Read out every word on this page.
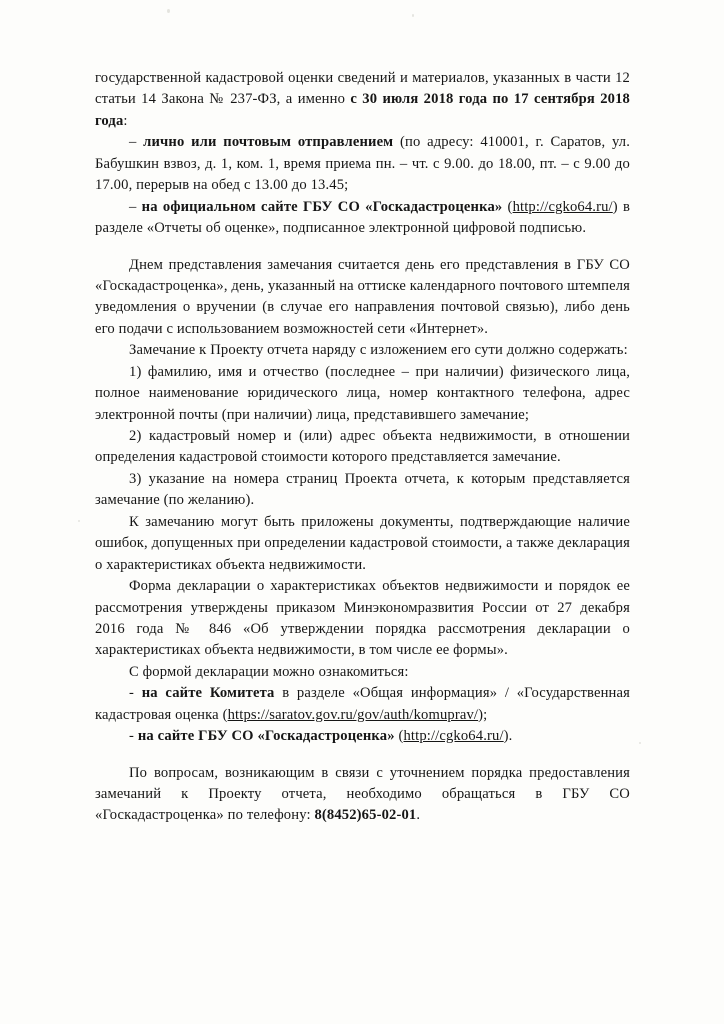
государственной кадастровой оценки сведений и материалов, указанных в части 12 статьи 14 Закона № 237-ФЗ, а именно с 30 июля 2018 года по 17 сентября 2018 года:

– лично или почтовым отправлением (по адресу: 410001, г. Саратов, ул. Бабушкин взвоз, д. 1, ком. 1, время приема пн. – чт. с 9.00. до 18.00, пт. – с 9.00 до 17.00, перерыв на обед с 13.00 до 13.45;

– на официальном сайте ГБУ СО «Госкадастроценка» (http://cgko64.ru/) в разделе «Отчеты об оценке», подписанное электронной цифровой подписью.

Днем представления замечания считается день его представления в ГБУ СО «Госкадастроценка», день, указанный на оттиске календарного почтового штемпеля уведомления о вручении (в случае его направления почтовой связью), либо день его подачи с использованием возможностей сети «Интернет».

Замечание к Проекту отчета наряду с изложением его сути должно содержать:

1) фамилию, имя и отчество (последнее – при наличии) физического лица, полное наименование юридического лица, номер контактного телефона, адрес электронной почты (при наличии) лица, представившего замечание;

2) кадастровый номер и (или) адрес объекта недвижимости, в отношении определения кадастровой стоимости которого представляется замечание.

3) указание на номера страниц Проекта отчета, к которым представляется замечание (по желанию).

К замечанию могут быть приложены документы, подтверждающие наличие ошибок, допущенных при определении кадастровой стоимости, а также декларация о характеристиках объекта недвижимости.

Форма декларации о характеристиках объектов недвижимости и порядок ее рассмотрения утверждены приказом Минэкономразвития России от 27 декабря 2016 года № 846 «Об утверждении порядка рассмотрения декларации о характеристиках объекта недвижимости, в том числе ее формы».

С формой декларации можно ознакомиться:

- на сайте Комитета в разделе «Общая информация» / «Государственная кадастровая оценка (https://saratov.gov.ru/gov/auth/komuprav/);

- на сайте ГБУ СО «Госкадастроценка» (http://cgko64.ru/).

По вопросам, возникающим в связи с уточнением порядка предоставления замечаний к Проекту отчета, необходимо обращаться в ГБУ СО «Госкадастроценка» по телефону: 8(8452)65-02-01.
